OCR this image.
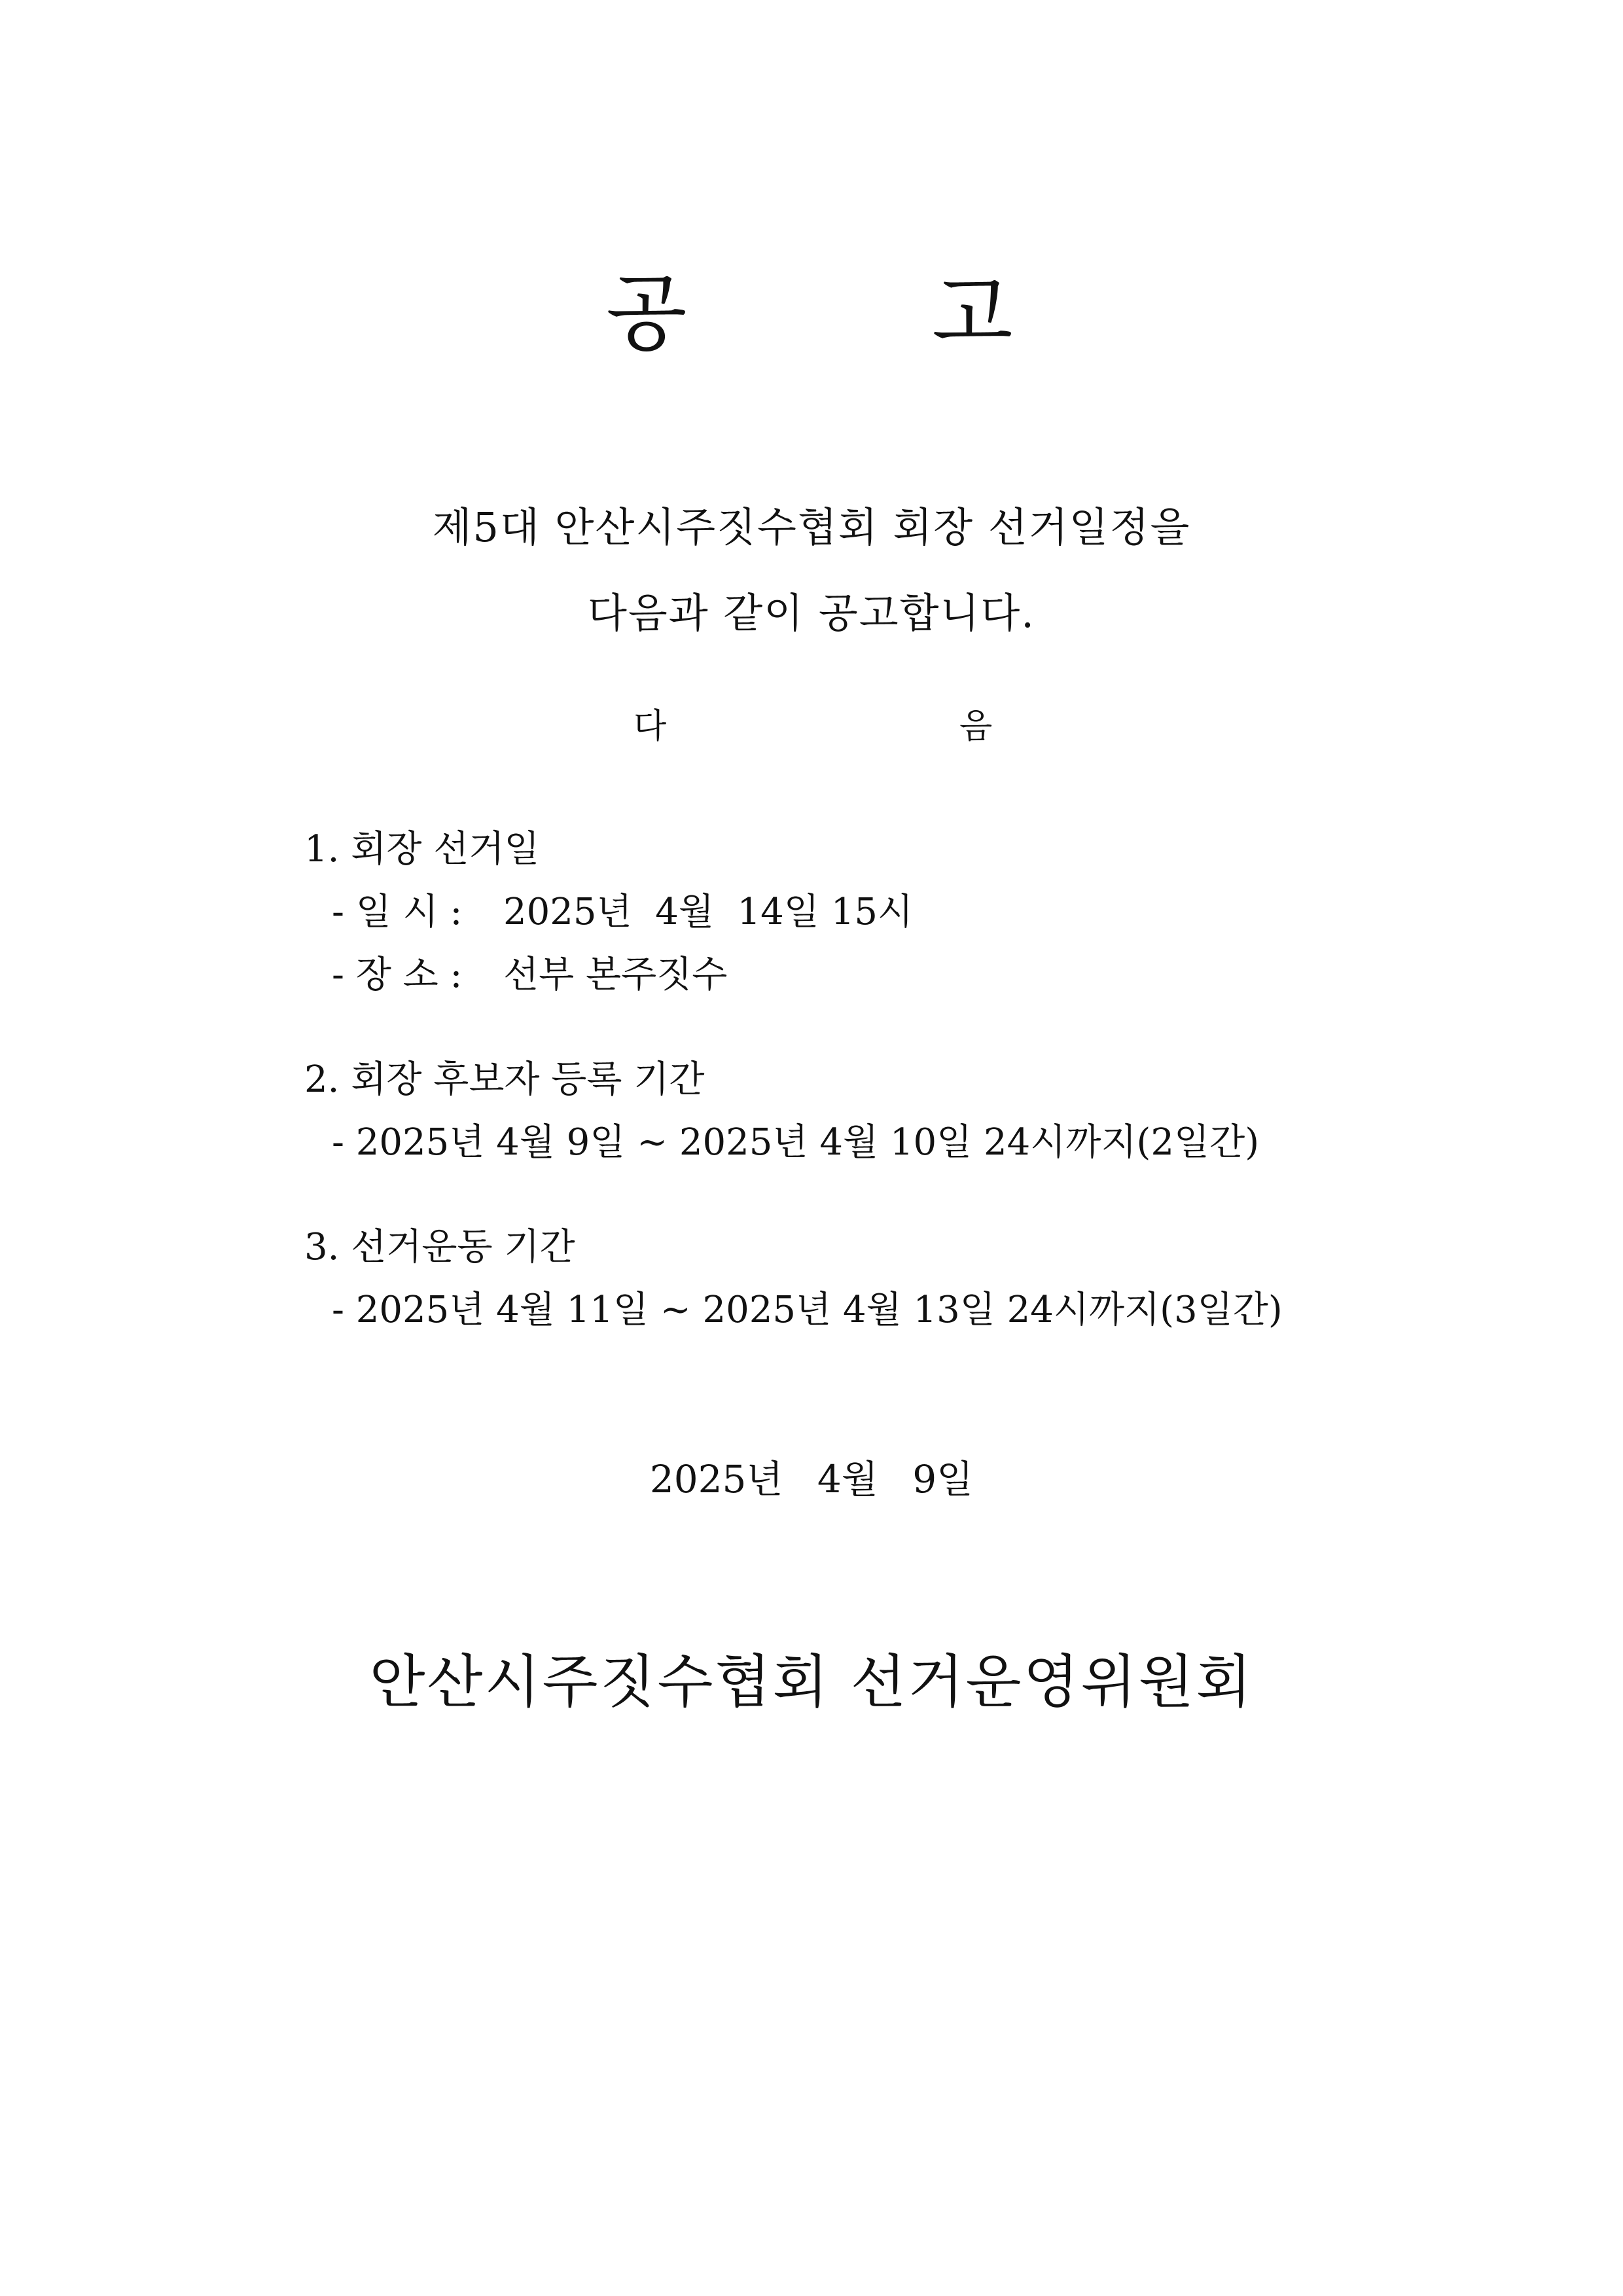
공	고
제5대 안산시주짓수협회 회장 선거일정을
다음과 같이 공고합니다.
다	음
1. 회장 선거일
- 일 시 : 2025년  4월  14일 15시
- 장 소 : 선부 본주짓수
2. 회장 후보자 등록 기간
- 2025년 4월 9일 ~ 2025년 4월 10일 24시까지(2일간)
3. 선거운동 기간
- 2025년 4월 11일 ~ 2025년 4월 13일 24시까지(3일간)
2025년 4월 9일
안산시주짓수협회 선거운영위원회
